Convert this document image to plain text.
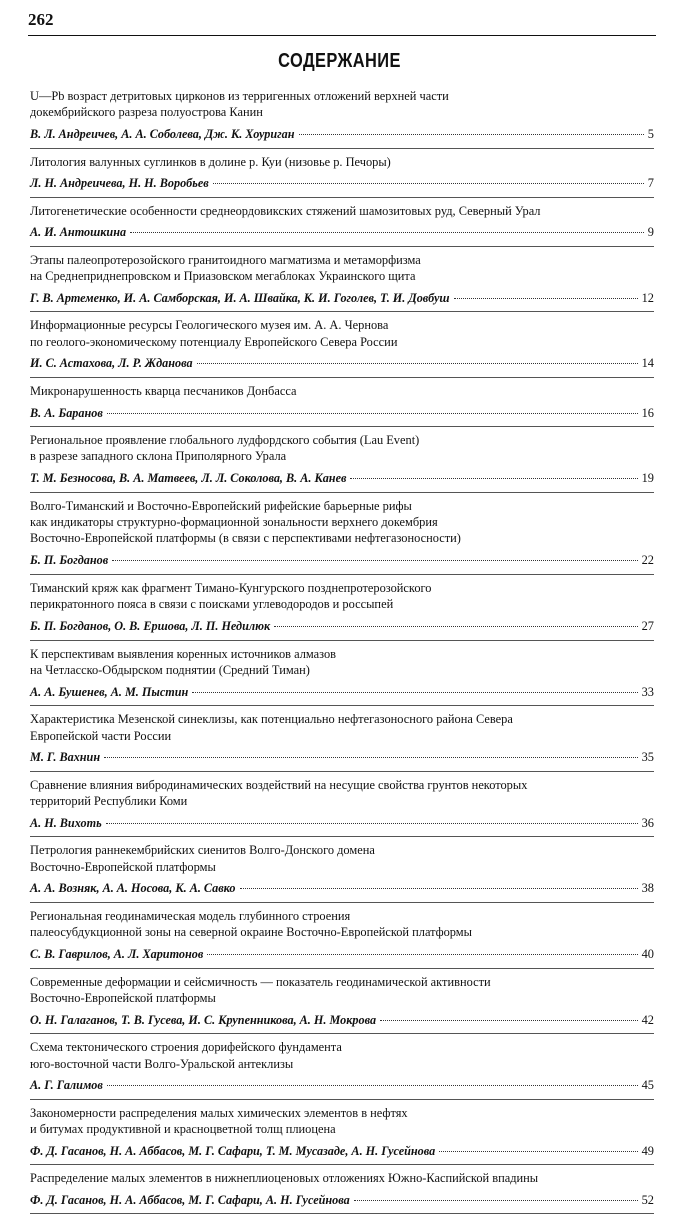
262
СОДЕРЖАНИЕ
U—Pb возраст детритовых цирконов из терригенных отложений верхней части
докембрийского разреза полуострова Канин
В. Л. Андреичев, А. А. Соболева, Дж. К. Хоуриган	5
Литология валунных суглинков в долине р. Куи (низовье р. Печоры)
Л. Н. Андреичева, Н. Н. Воробьев	7
Литогенетические особенности среднеордовикских стяжений шамозитовых руд, Северный Урал
А. И. Антошкина	9
Этапы палеопротерозойского гранитоидного магматизма и метаморфизма
на Среднеприднепровском и Приазовском мегаблоках Украинского щита
Г. В. Артеменко, И. А. Самборская, И. А. Швайка, К. И. Гоголев, Т. И. Довбуш	12
Информационные ресурсы Геологического музея им. А. А. Чернова
по геолого-экономическому потенциалу Европейского Севера России
И. С. Астахова, Л. Р. Жданова	14
Микронарушенность кварца песчаников Донбасса
В. А. Баранов	16
Региональное проявление глобального лудфордского события (Lau Event)
в разрезе западного склона Приполярного Урала
Т. М. Безносова, В. А. Матвеев, Л. Л. Соколова, В. А. Канев	19
Волго-Тиманский и Восточно-Европейский рифейские барьерные рифы
как индикаторы структурно-формационной зональности верхнего докембрия
Восточно-Европейской платформы (в связи с перспективами нефтегазоносности)
Б. П. Богданов	22
Тиманский кряж как фрагмент Тимано-Кунгурского позднепротерозойского
перикратонного пояса в связи с поисками углеводородов и россыпей
Б. П. Богданов, О. В. Ершова, Л. П. Недилюк	27
К перспективам выявления коренных источников алмазов
на Четласско-Обдырском поднятии (Средний Тиман)
А. А. Бушенев, А. М. Пыстин	33
Характеристика Мезенской синеклизы, как потенциально нефтегазоносного района Севера
Европейской части России
М. Г. Вахнин	35
Сравнение влияния вибродинамических воздействий на несущие свойства грунтов некоторых
территорий Республики Коми
А. Н. Вихоть	36
Петрология раннекембрийских сиенитов Волго-Донского домена
Восточно-Европейской платформы
А. А. Возняк, А. А. Носова, К. А. Савко	38
Региональная геодинамическая модель глубинного строения
палеосубдукционной зоны на северной окраине Восточно-Европейской платформы
С. В. Гаврилов, А. Л. Харитонов	40
Современные деформации и сейсмичность — показатель геодинамической активности
Восточно-Европейской платформы
О. Н. Галаганов, Т. В. Гусева, И. С. Крупенникова, А. Н. Мокрова	42
Схема тектонического строения дорифейского фундамента
юго-восточной части Волго-Уральской антеклизы
А. Г. Галимов	45
Закономерности распределения малых химических элементов в нефтях
и битумах продуктивной и красноцветной толщ плиоцена
Ф. Д. Гасанов, Н. А. Аббасов, М. Г. Сафари, Т. М. Мусазаде, А. Н. Гусейнова	49
Распределение малых элементов в нижнеплиоценовых отложениях Южно-Каспийской впадины
Ф. Д. Гасанов, Н. А. Аббасов, М. Г. Сафари, А. Н. Гусейнова	52
